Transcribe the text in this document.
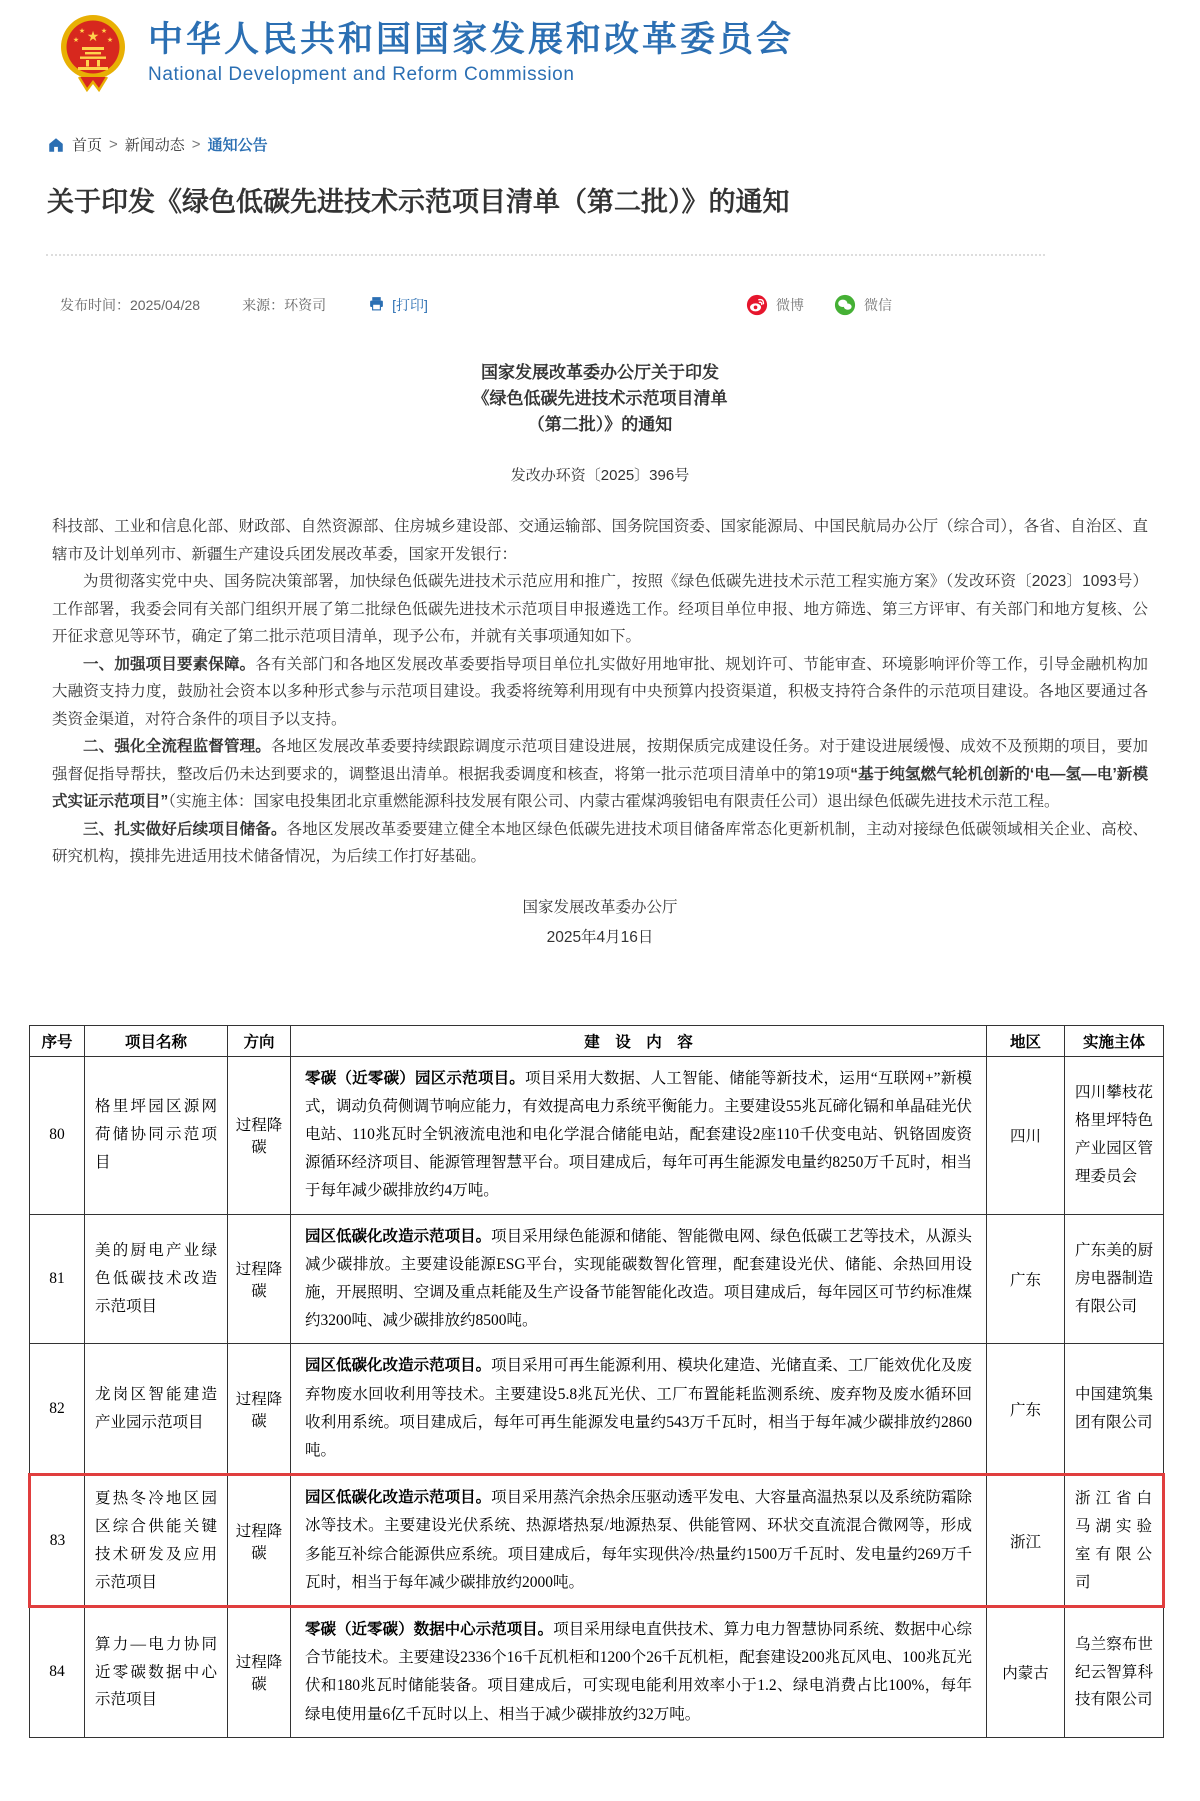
★
★ ★
★	★ 中华人民共和国国家发展和改革委员会
National Development and Reform Commission
首页 > 新闻动态 > 通知公告
关于印发《绿色低碳先进技术示范项目清单（第二批）》的通知
发布时间：2025/04/28	来源：环资司	[打印]	微博	微信
国家发展改革委办公厅关于印发
《绿色低碳先进技术示范项目清单
（第二批）》的通知
发改办环资〔2025〕396号

科技部、工业和信息化部、财政部、自然资源部、住房城乡建设部、交通运输部、国务院国资委、国家能源局、中国民航局办公厅（综合司），各省、自治区、直辖市及计划单列市、新疆生产建设兵团发展改革委，国家开发银行：

为贯彻落实党中央、国务院决策部署，加快绿色低碳先进技术示范应用和推广，按照《绿色低碳先进技术示范工程实施方案》（发改环资〔2023〕1093号）工作部署，我委会同有关部门组织开展了第二批绿色低碳先进技术示范项目申报遴选工作。经项目单位申报、地方筛选、第三方评审、有关部门和地方复核、公开征求意见等环节，确定了第二批示范项目清单，现予公布，并就有关事项通知如下。

一、加强项目要素保障。各有关部门和各地区发展改革委要指导项目单位扎实做好用地审批、规划许可、节能审查、环境影响评价等工作，引导金融机构加大融资支持力度，鼓励社会资本以多种形式参与示范项目建设。我委将统筹利用现有中央预算内投资渠道，积极支持符合条件的示范项目建设。各地区要通过各类资金渠道，对符合条件的项目予以支持。

二、强化全流程监督管理。各地区发展改革委要持续跟踪调度示范项目建设进展，按期保质完成建设任务。对于建设进展缓慢、成效不及预期的项目，要加强督促指导帮扶，整改后仍未达到要求的，调整退出清单。根据我委调度和核查，将第一批示范项目清单中的第19项“基于纯氢燃气轮机创新的‘电—氢—电’新模式实证示范项目”（实施主体：国家电投集团北京重燃能源科技发展有限公司、内蒙古霍煤鸿骏铝电有限责任公司）退出绿色低碳先进技术示范工程。

三、扎实做好后续项目储备。各地区发展改革委要建立健全本地区绿色低碳先进技术项目储备库常态化更新机制，主动对接绿色低碳领域相关企业、高校、研究机构，摸排先进适用技术储备情况，为后续工作打好基础。

国家发展改革委办公厅
2025年4月16日
序号	项目名称	方向	建　设　内　容	地区	实施主体
80	格里坪园区源网荷储协同示范项目	过程降碳	零碳（近零碳）园区示范项目。项目采用大数据、人工智能、储能等新技术，运用“互联网+”新模式，调动负荷侧调节响应能力，有效提高电力系统平衡能力。主要建设55兆瓦碲化镉和单晶硅光伏电站、110兆瓦时全钒液流电池和电化学混合储能电站，配套建设2座110千伏变电站、钒铬固废资源循环经济项目、能源管理智慧平台。项目建成后，每年可再生能源发电量约8250万千瓦时，相当于每年减少碳排放约4万吨。	四川	四川攀枝花格里坪特色产业园区管理委员会
81	美的厨电产业绿色低碳技术改造示范项目	过程降碳	园区低碳化改造示范项目。项目采用绿色能源和储能、智能微电网、绿色低碳工艺等技术，从源头减少碳排放。主要建设能源ESG平台，实现能碳数智化管理，配套建设光伏、储能、余热回用设施，开展照明、空调及重点耗能及生产设备节能智能化改造。项目建成后，每年园区可节约标准煤约3200吨、减少碳排放约8500吨。	广东	广东美的厨房电器制造有限公司
82	龙岗区智能建造产业园示范项目	过程降碳	园区低碳化改造示范项目。项目采用可再生能源利用、模块化建造、光储直柔、工厂能效优化及废弃物废水回收利用等技术。主要建设5.8兆瓦光伏、工厂布置能耗监测系统、废弃物及废水循环回收利用系统。项目建成后，每年可再生能源发电量约543万千瓦时，相当于每年减少碳排放约2860吨。	广东	中国建筑集团有限公司
83	夏热冬冷地区园区综合供能关键技术研发及应用示范项目	过程降碳	园区低碳化改造示范项目。项目采用蒸汽余热余压驱动透平发电、大容量高温热泵以及系统防霜除冰等技术。主要建设光伏系统、热源塔热泵/地源热泵、供能管网、环状交直流混合微网等，形成多能互补综合能源供应系统。项目建成后，每年实现供冷/热量约1500万千瓦时、发电量约269万千瓦时，相当于每年减少碳排放约2000吨。	浙江	浙江省白马湖实验室有限公司
84	算力—电力协同近零碳数据中心示范项目	过程降碳	零碳（近零碳）数据中心示范项目。项目采用绿电直供技术、算力电力智慧协同系统、数据中心综合节能技术。主要建设2336个16千瓦机柜和1200个26千瓦机柜，配套建设200兆瓦风电、100兆瓦光伏和180兆瓦时储能装备。项目建成后，可实现电能利用效率小于1.2、绿电消费占比100%，每年绿电使用量6亿千瓦时以上、相当于减少碳排放约32万吨。	内蒙古	乌兰察布世纪云智算科技有限公司
